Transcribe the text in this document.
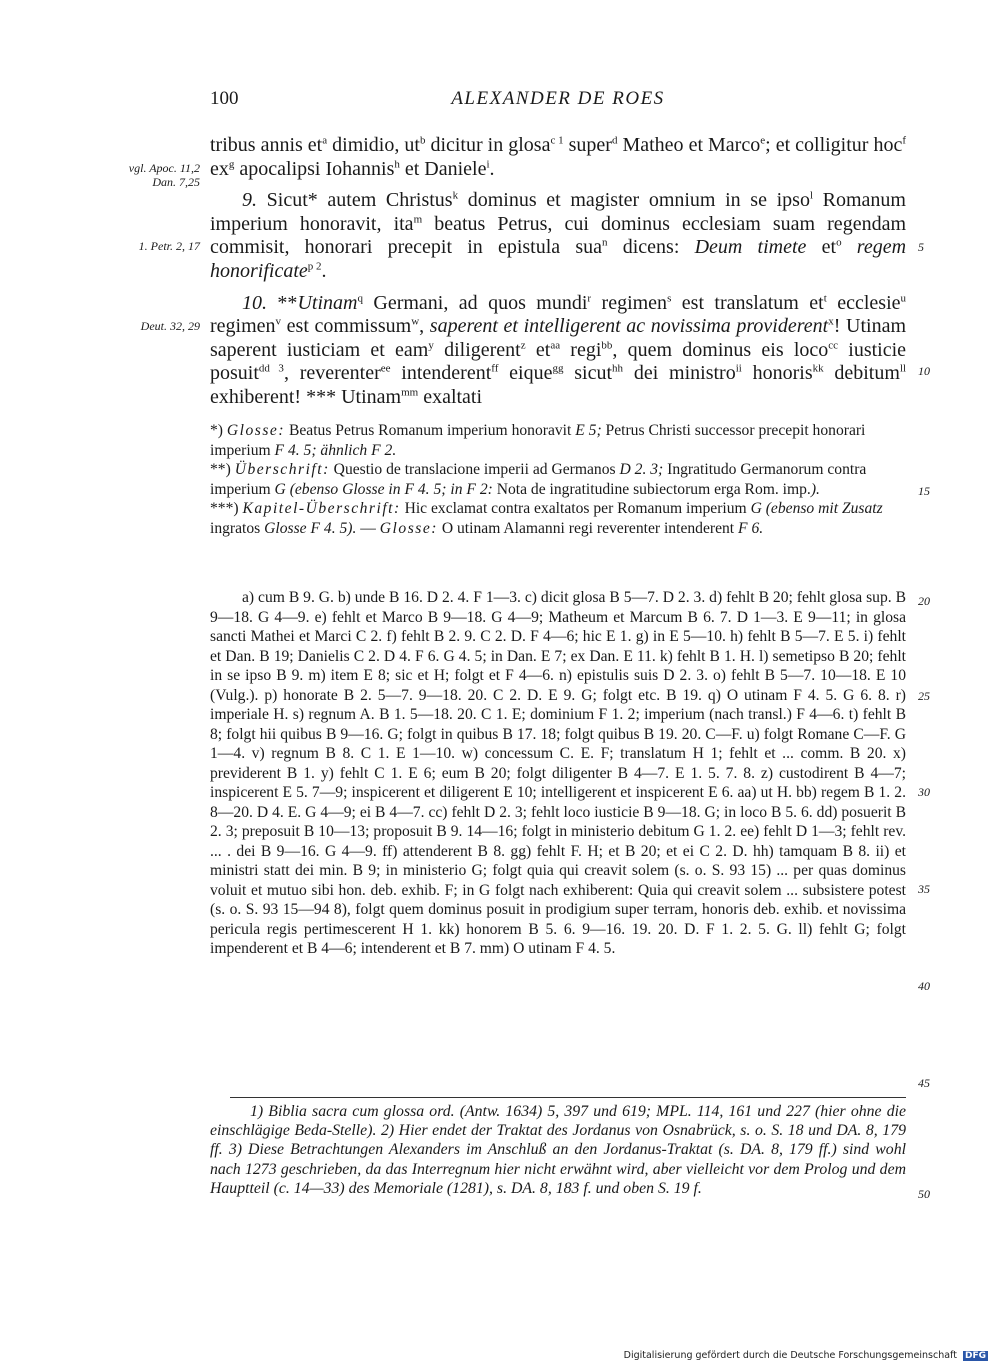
100	ALEXANDER DE ROES
vgl. Apoc. 11,2
Dan. 7,25
1. Petr. 2, 17
Deut. 32, 29
5
10
15
20
25
30
35
40
45
50

tribus annis $et^a$ dimidio, $ut^b$ dicitur in glosa$^{c 1}$ super$^d$ Matheo et Marco$^e$; et colligitur hoc$^f$ $ex^g$ apocalipsi Iohannis$^h$ et Daniele$^i$.

9. Sicut* autem Christus$^k$ dominus et magister omnium in se ipso$^l$ Romanum imperium honoravit, ita$^m$ beatus Petrus, cui dominus ecclesiam suam regendam commisit, honorari precepit in epistula sua$^n$ dicens: Deum timete $et^o$ regem honorificate$^{p 2}$.

10. **Utinam$^q$ Germani, ad quos mundi$^r$ regimen$^s$ est translatum $et^t$ ecclesie$^u$ regimen$^v$ est commissum$^w$, saperent et intelligerent ac novissima providerent$^x$! Utinam saperent iusticiam et eam$^y$ diligerent$^z$ $et^{aa}$ regi$^{bb}$, quem dominus eis loco$^{cc}$ iusticie posuit$^{dd 3}$, reverenter$^{ee}$ intenderent$^{ff}$ eique$^{gg}$ sicut$^{hh}$ dei ministro$^{ii}$ honoris$^{kk}$ debitum$^{ll}$ exhiberent! *** Utinam$^{mm}$ exaltati

*) Glosse: Beatus Petrus Romanum imperium honoravit E 5; Petrus Christi successor precepit honorari imperium F 4. 5; ähnlich F 2.

**) Überschrift: Questio de translacione imperii ad Germanos D 2. 3; Ingratitudo Germanorum contra imperium G (ebenso Glosse in F 4. 5; in F 2: Nota de ingratitudine subiectorum erga Rom. imp.).

***) Kapitel-Überschrift: Hic exclamat contra exaltatos per Romanum imperium G (ebenso mit Zusatz ingratos Glosse F 4. 5). — Glosse: O utinam Alamanni regi reverenter intenderent F 6.

a) cum B 9. G. b) unde B 16. D 2. 4. F 1—3. c) dicit glosa B 5—7. D 2. 3. d) fehlt B 20; fehlt glosa sup. B 9—18. G 4—9. e) fehlt et Marco B 9—18. G 4—9; Matheum et Marcum B 6. 7. D 1—3. E 9—11; in glosa sancti Mathei et Marci C 2. f) fehlt B 2. 9. C 2. D. F 4—6; hic E 1. g) in E 5—10. h) fehlt B 5—7. E 5. i) fehlt et Dan. B 19; Danielis C 2. D 4. F 6. G 4. 5; in Dan. E 7; ex Dan. E 11. k) fehlt B 1. H. l) semetipso B 20; fehlt in se ipso B 9. m) item E 8; sic et H; folgt et F 4—6. n) epistulis suis D 2. 3. o) fehlt B 5—7. 10—18. E 10 (Vulg.). p) honorate B 2. 5—7. 9—18. 20. C 2. D. E 9. G; folgt etc. B 19. q) O utinam F 4. 5. G 6. 8. r) imperiale H. s) regnum A. B 1. 5—18. 20. C 1. E; dominium F 1. 2; imperium (nach transl.) F 4—6. t) fehlt B 8; folgt hii quibus B 9—16. G; folgt in quibus B 17. 18; folgt quibus B 19. 20. C—F. u) folgt Romane C—F. G 1—4. v) regnum B 8. C 1. E 1—10. w) concessum C. E. F; translatum H 1; fehlt et ... comm. B 20. x) previderent B 1. y) fehlt C 1. E 6; eum B 20; folgt diligenter B 4—7. E 1. 5. 7. 8. z) custodirent B 4—7; inspicerent E 5. 7—9; inspicerent et diligerent E 10; intelligerent et inspicerent E 6. aa) ut H. bb) regem B 1. 2. 8—20. D 4. E. G 4—9; ei B 4—7. cc) fehlt D 2. 3; fehlt loco iusticie B 9—18. G; in loco B 5. 6. dd) posuerit B 2. 3; preposuit B 10—13; proposuit B 9. 14—16; folgt in ministerio debitum G 1. 2. ee) fehlt D 1—3; fehlt rev. ... . dei B 9—16. G 4—9. ff) attenderent B 8. gg) fehlt F. H; et B 20; et ei C 2. D. hh) tamquam B 8. ii) et ministri statt dei min. B 9; in ministerio G; folgt quia qui creavit solem (s. o. S. 93 15) ... per quas dominus voluit et mutuo sibi hon. deb. exhib. F; in G folgt nach exhiberent: Quia qui creavit solem ... subsistere potest (s. o. S. 93 15—94 8), folgt quem dominus posuit in prodigium super terram, honoris deb. exhib. et novissima pericula regis pertimescerent H 1. kk) honorem B 5. 6. 9—16. 19. 20. D. F 1. 2. 5. G. ll) fehlt G; folgt impenderent et B 4—6; intenderent et B 7. mm) O utinam F 4. 5.

1) Biblia sacra cum glossa ord. (Antw. 1634) 5, 397 und 619; MPL. 114, 161 und 227 (hier ohne die einschlägige Beda-Stelle). 2) Hier endet der Traktat des Jordanus von Osnabrück, s. o. S. 18 und DA. 8, 179 ff. 3) Diese Betrachtungen Alexanders im Anschluß an den Jordanus-Traktat (s. DA. 8, 179 ff.) sind wohl nach 1273 geschrieben, da das Interregnum hier nicht erwähnt wird, aber vielleicht vor dem Prolog und dem Hauptteil (c. 14—33) des Memoriale (1281), s. DA. 8, 183 f. und oben S. 19 f.

Digitalisierung gefördert durch die Deutsche Forschungsgemeinschaft DFG
